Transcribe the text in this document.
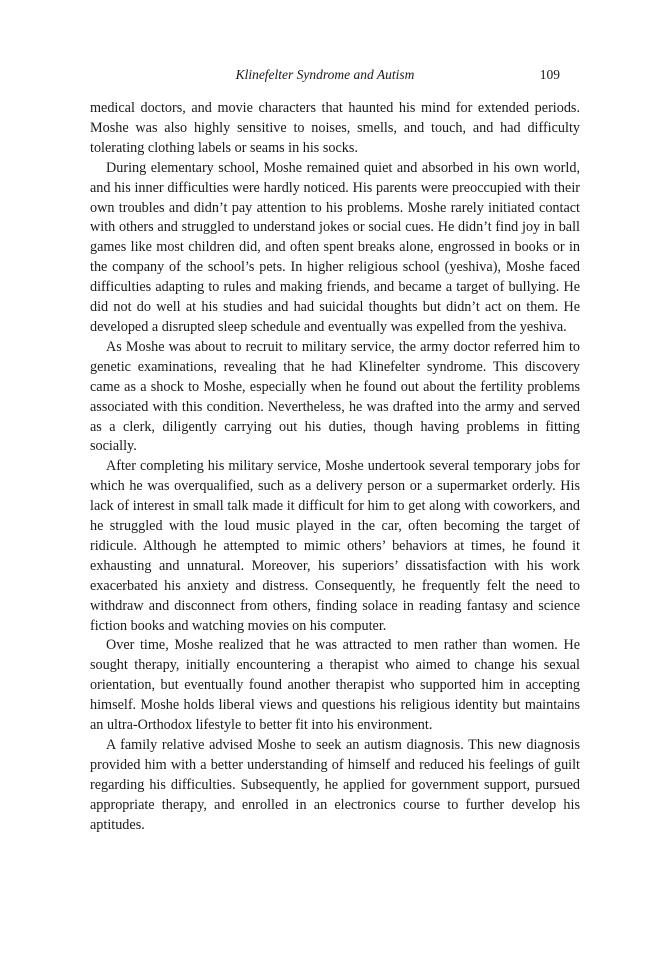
Klinefelter Syndrome and Autism	109

medical doctors, and movie characters that haunted his mind for extended periods. Moshe was also highly sensitive to noises, smells, and touch, and had difficulty tolerating clothing labels or seams in his socks.

During elementary school, Moshe remained quiet and absorbed in his own world, and his inner difficulties were hardly noticed. His parents were preoccupied with their own troubles and didn’t pay attention to his problems. Moshe rarely initiated contact with others and struggled to understand jokes or social cues. He didn’t find joy in ball games like most children did, and often spent breaks alone, engrossed in books or in the company of the school’s pets. In higher religious school (yeshiva), Moshe faced difficulties adapting to rules and making friends, and became a target of bullying. He did not do well at his studies and had suicidal thoughts but didn’t act on them. He developed a disrupted sleep schedule and eventually was expelled from the yeshiva.

As Moshe was about to recruit to military service, the army doctor referred him to genetic examinations, revealing that he had Klinefelter syndrome. This discovery came as a shock to Moshe, especially when he found out about the fertility problems associated with this condition. Nevertheless, he was drafted into the army and served as a clerk, diligently carrying out his duties, though having problems in fitting socially.

After completing his military service, Moshe undertook several temporary jobs for which he was overqualified, such as a delivery person or a supermarket orderly. His lack of interest in small talk made it difficult for him to get along with coworkers, and he struggled with the loud music played in the car, often becoming the target of ridicule. Although he attempted to mimic others’ behaviors at times, he found it exhausting and unnatural. Moreover, his superiors’ dissatisfaction with his work exacerbated his anxiety and distress. Consequently, he frequently felt the need to withdraw and disconnect from others, finding solace in reading fantasy and science fiction books and watching movies on his computer.

Over time, Moshe realized that he was attracted to men rather than women. He sought therapy, initially encountering a therapist who aimed to change his sexual orientation, but eventually found another therapist who supported him in accepting himself. Moshe holds liberal views and questions his religious identity but maintains an ultra-Orthodox lifestyle to better fit into his environment.

A family relative advised Moshe to seek an autism diagnosis. This new diagnosis provided him with a better understanding of himself and reduced his feelings of guilt regarding his difficulties. Subsequently, he applied for government support, pursued appropriate therapy, and enrolled in an electronics course to further develop his aptitudes.
